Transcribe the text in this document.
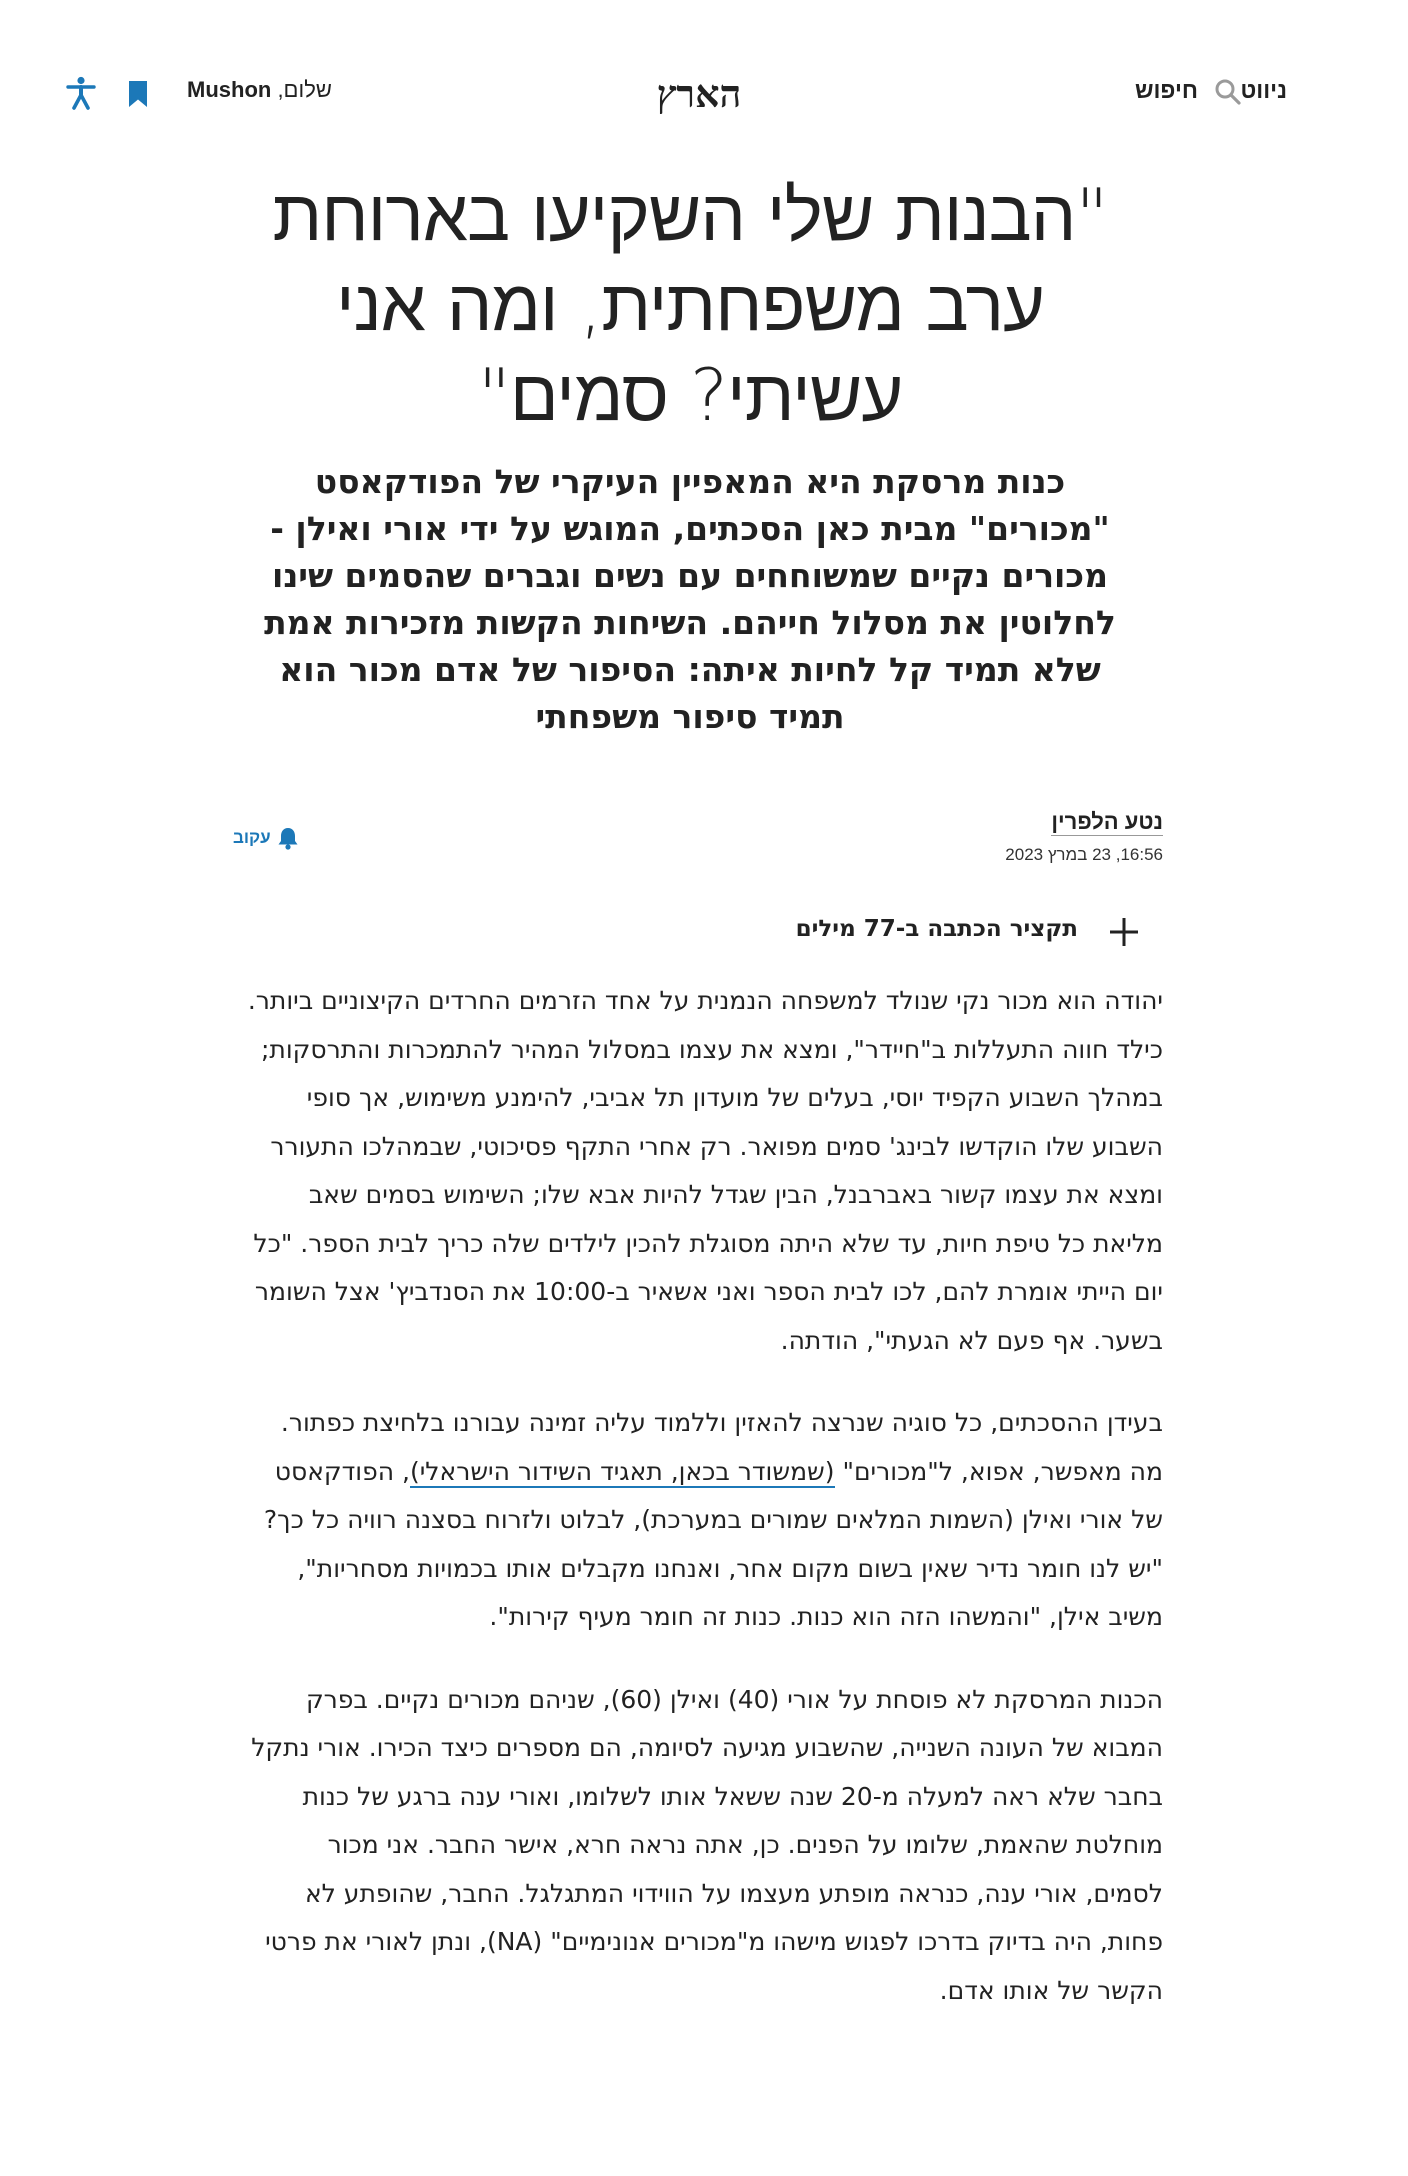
ניווט
חיפוש
הארץ
שלום, Mushon
"הבנות שלי השקיעו בארוחת ערב משפחתית, ומה אני עשיתי? סמים"
כנות מרסקת היא המאפיין העיקרי של הפודקאסט "מכורים" מבית כאן הסכתים, המוגש על ידי אורי ואילן - מכורים נקיים שמשוחחים עם נשים וגברים שהסמים שינו לחלוטין את מסלול חייהם. השיחות הקשות מזכירות אמת שלא תמיד קל לחיות איתה: הסיפור של אדם מכור הוא תמיד סיפור משפחתי
נטע הלפרין
16:56, 23 במרץ 2023
עקוב
תקציר הכתבה ב-77 מילים

יהודה הוא מכור נקי שנולד למשפחה הנמנית על אחד הזרמים החרדים הקיצוניים ביותר. כילד חווה התעללות ב"חיידר", ומצא את עצמו במסלול המהיר להתמכרות והתרסקות; במהלך השבוע הקפיד יוסי, בעלים של מועדון תל אביבי, להימנע משימוש, אך סופי השבוע שלו הוקדשו לבינג' סמים מפואר. רק אחרי התקף פסיכוטי, שבמהלכו התעורר ומצא את עצמו קשור באברבנל, הבין שגדל להיות אבא שלו; השימוש בסמים שאב מליאת כל טיפת חיות, עד שלא היתה מסוגלת להכין לילדים שלה כריך לבית הספר. "כל יום הייתי אומרת להם, לכו לבית הספר ואני אשאיר ב-10:00 את הסנדביץ' אצל השומר בשער. אף פעם לא הגעתי", הודתה.

בעידן ההסכתים, כל סוגיה שנרצה להאזין וללמוד עליה זמינה עבורנו בלחיצת כפתור. מה מאפשר, אפוא, ל"מכורים" (שמשודר בכאן, תאגיד השידור הישראלי), הפודקאסט של אורי ואילן (השמות המלאים שמורים במערכת), לבלוט ולזרוח בסצנה רוויה כל כך? "יש לנו חומר נדיר שאין בשום מקום אחר, ואנחנו מקבלים אותו בכמויות מסחריות", משיב אילן, "והמשהו הזה הוא כנות. כנות זה חומר מעיף קירות".

הכנות המרסקת לא פוסחת על אורי (40) ואילן (60), שניהם מכורים נקיים. בפרק המבוא של העונה השנייה, שהשבוע מגיעה לסיומה, הם מספרים כיצד הכירו. אורי נתקל בחבר שלא ראה למעלה מ-20 שנה ששאל אותו לשלומו, ואורי ענה ברגע של כנות מוחלטת שהאמת, שלומו על הפנים. כן, אתה נראה חרא, אישר החבר. אני מכור לסמים, אורי ענה, כנראה מופתע מעצמו על הווידוי המתגלגל. החבר, שהופתע לא פחות, היה בדיוק בדרכו לפגוש מישהו מ"מכורים אנונימיים" (NA), ונתן לאורי את פרטי הקשר של אותו אדם.
